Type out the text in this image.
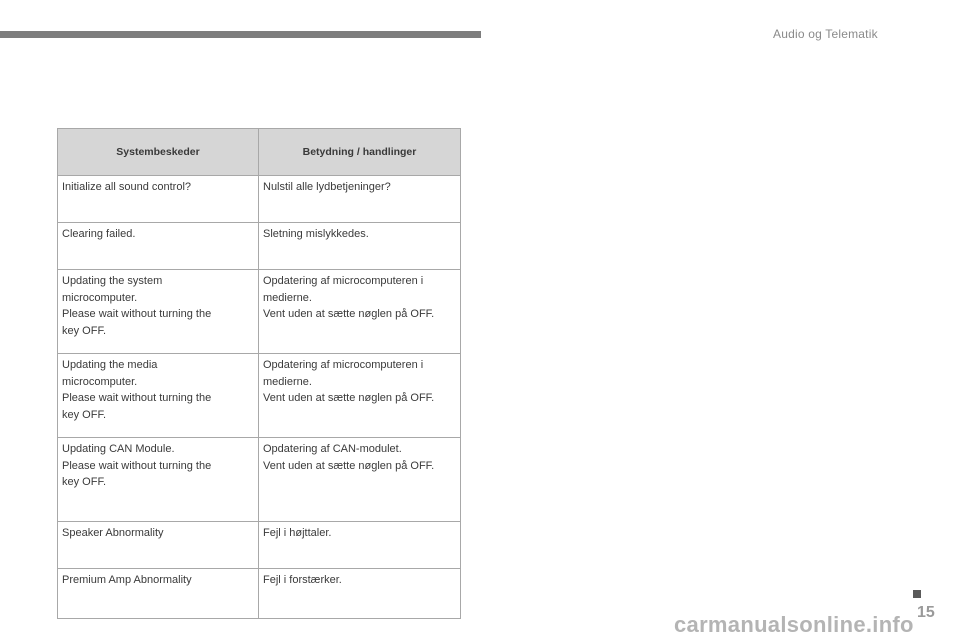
Audio og Telematik
Systembeskeder	Betydning / handlinger

Initialize all sound control?	Nulstil alle lydbetjeninger?

Clearing failed.	Sletning mislykkedes.

Updating the system
microcomputer.
Please wait without turning the
key OFF.	Opdatering af microcomputeren i
medierne.
Vent uden at sætte nøglen på OFF.

Updating the media
microcomputer.
Please wait without turning the
key OFF.	Opdatering af microcomputeren i
medierne.
Vent uden at sætte nøglen på OFF.

Updating CAN Module.
Please wait without turning the
key OFF.	Opdatering af CAN-modulet.
Vent uden at sætte nøglen på OFF.

Speaker Abnormality	Fejl i højttaler.

Premium Amp Abnormality	Fejl i forstærker.
15
carmanualsonline.info
